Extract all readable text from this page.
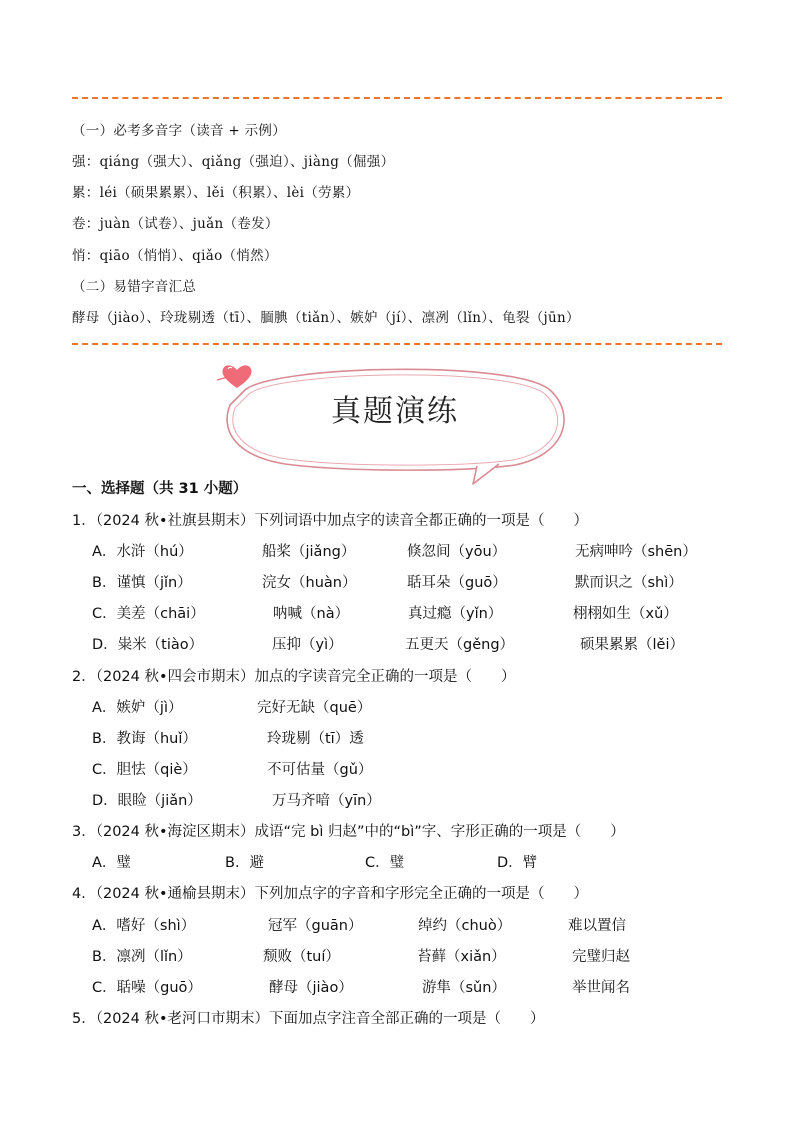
（一）必考多音字（读音 + 示例）
强：qiáng（强大）、qiǎng（强迫）、jiàng（倔强）
累：léi（硕果累累）、lěi（积累）、lèi（劳累）
卷：juàn（试卷）、juǎn（卷发）
悄：qiāo（悄悄）、qiǎo（悄然）
（二）易错字音汇总
酵母（jiào）、玲珑剔透（tī）、腼腆（tiǎn）、嫉妒（jí）、凛冽（lǐn）、龟裂（jūn）
真题演练
一、选择题（共 31 小题）
1．（2024 秋•社旗县期末）下列词语中加点字的读音全都正确的一项是（　　）
A．水浒（hú）	船桨（jiǎng）	倏忽间（yōu）	无病呻吟（shēn）
B．谨慎（jǐn）	浣女（huàn）	聒耳朵（guō）	默而识之（shì）
C．美差（chāi）	呐喊（nà）	真过瘾（yǐn）	栩栩如生（xǔ）
D．粜米（tiào）	压抑（yì）	五更天（gěng）	硕果累累（lěi）
2．（2024 秋•四会市期末）加点的字读音完全正确的一项是（　　）
A．嫉妒（jì）	完好无缺（quē）
B．教诲（huǐ）	玲珑剔（tī）透
C．胆怯（qiè）	不可估量（gǔ）
D．眼睑（jiǎn）	万马齐喑（yīn）
3．（2024 秋•海淀区期末）成语“完 bì 归赵”中的“bì”字、字形正确的一项是（　　）
A．璧	B．避	C．璧	D．臂
4．（2024 秋•通榆县期末）下列加点字的字音和字形完全正确的一项是（　　）
A．嗜好（shì）	冠军（guān）	绰约（chuò）	难以置信
B．凛冽（lǐn）	颓败（tuí）	苔藓（xiǎn）	完璧归赵
C．聒噪（guō）	酵母（jiào）	游隼（sǔn）	举世闻名
5．（2024 秋•老河口市期末）下面加点字注音全部正确的一项是（　　）
